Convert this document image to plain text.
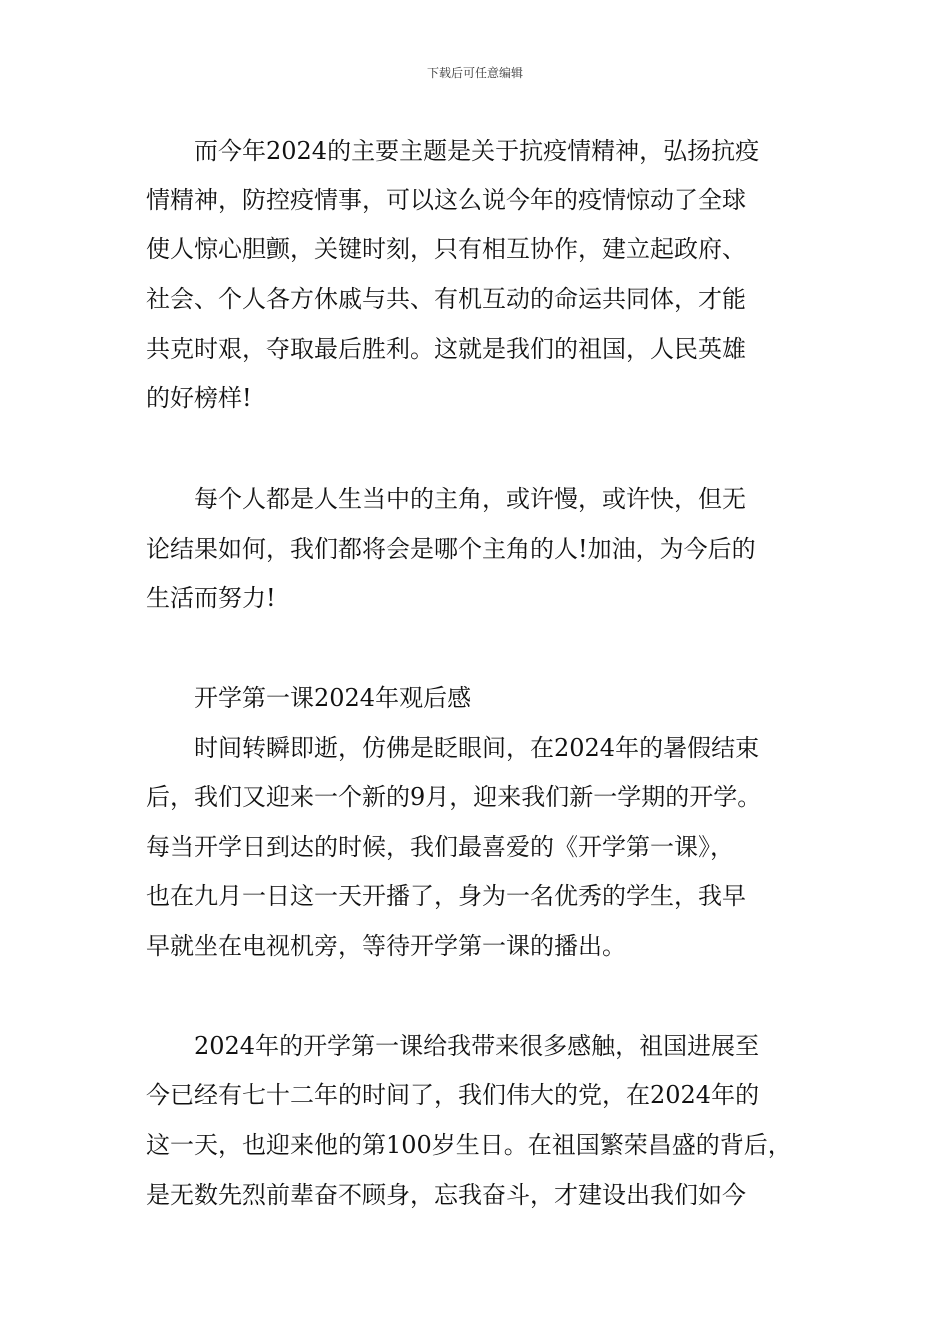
下载后可任意编辑
　　而今年2024的主要主题是关于抗疫情精神，弘扬抗疫
情精神，防控疫情事，可以这么说今年的疫情惊动了全球
使人惊心胆颤，关键时刻，只有相互协作，建立起政府、
社会、个人各方休戚与共、有机互动的命运共同体，才能
共克时艰，夺取最后胜利。这就是我们的祖国，人民英雄
的好榜样!
　　每个人都是人生当中的主角，或许慢，或许快，但无
论结果如何，我们都将会是哪个主角的人!加油，为今后的
生活而努力!
　　开学第一课2024年观后感
　　时间转瞬即逝，仿佛是眨眼间，在2024年的暑假结束
后，我们又迎来一个新的9月，迎来我们新一学期的开学。
每当开学日到达的时候，我们最喜爱的《开学第一课》，
也在九月一日这一天开播了，身为一名优秀的学生，我早
早就坐在电视机旁，等待开学第一课的播出。
　　2024年的开学第一课给我带来很多感触，祖国进展至
今已经有七十二年的时间了，我们伟大的党，在2024年的
这一天，也迎来他的第100岁生日。在祖国繁荣昌盛的背后，
是无数先烈前辈奋不顾身，忘我奋斗，才建设出我们如今
